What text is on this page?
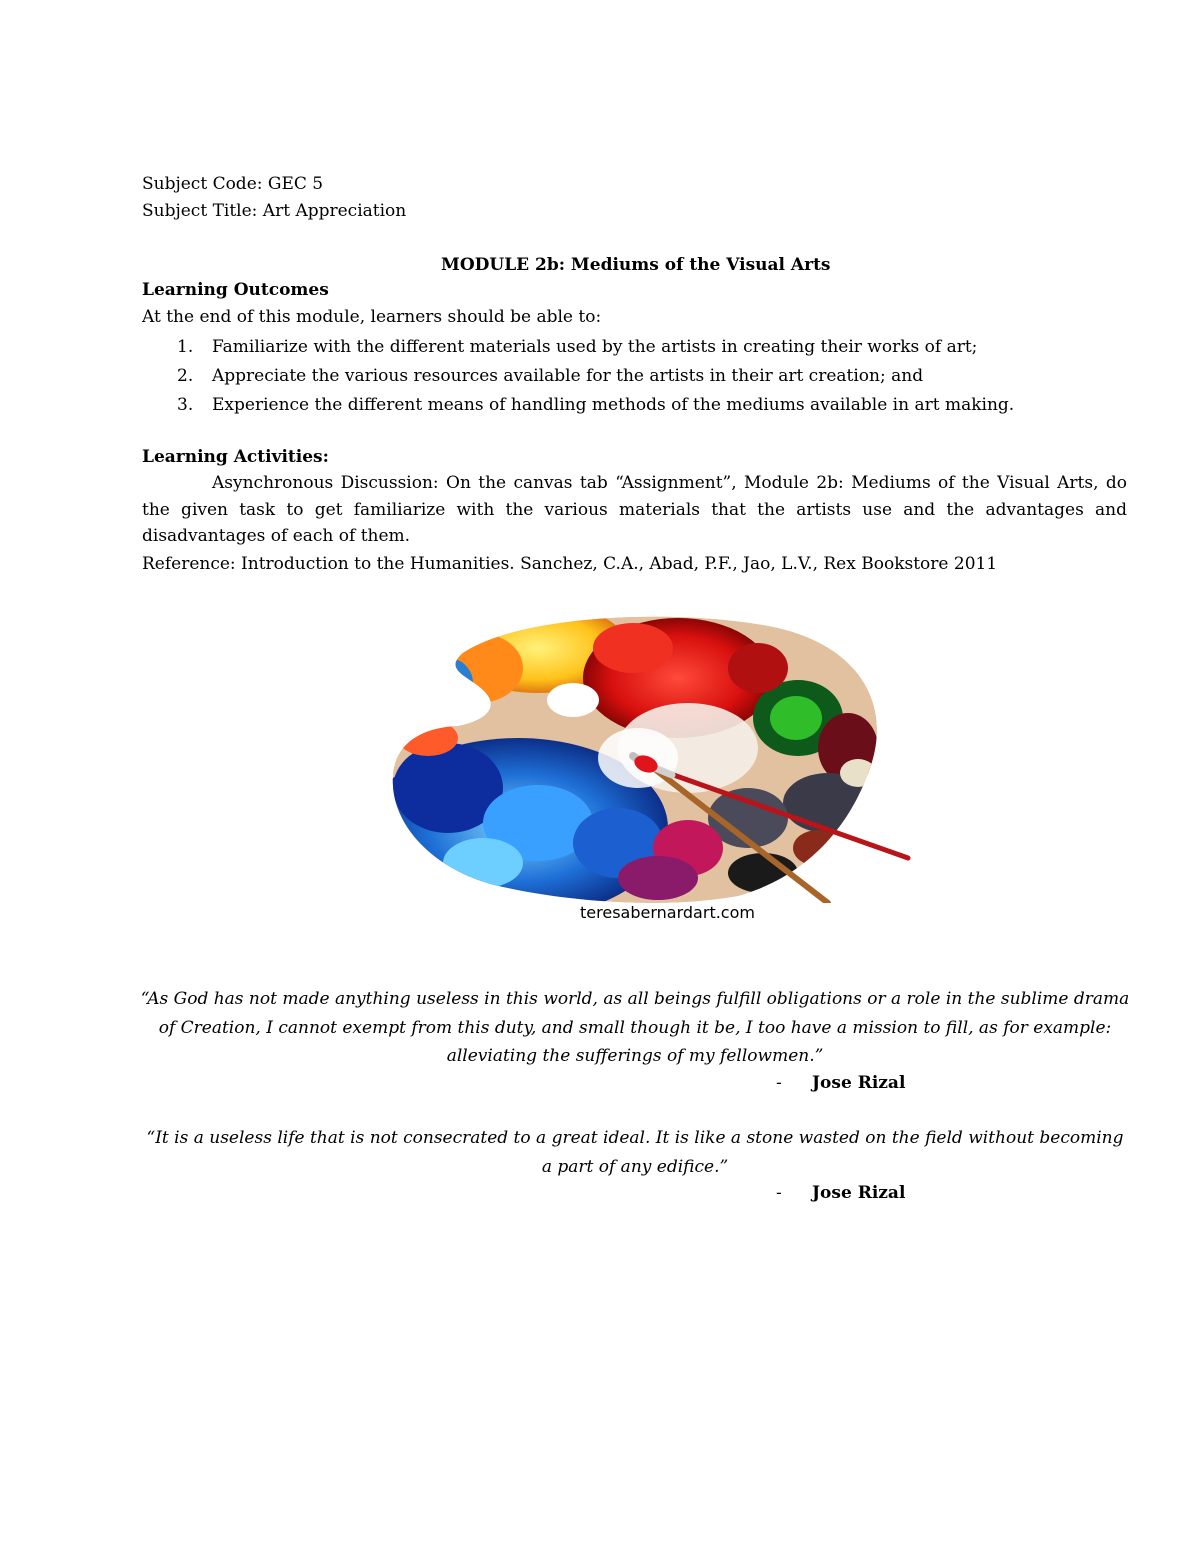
Subject Code: GEC 5
Subject Title: Art Appreciation
MODULE 2b: Mediums of the Visual Arts
Learning Outcomes
At the end of this module, learners should be able to:
1. Familiarize with the different materials used by the artists in creating their works of art;
2. Appreciate the various resources available for the artists in their art creation; and
3. Experience the different means of handling methods of the mediums available in art making.
Learning Activities:
Asynchronous Discussion: On the canvas tab “Assignment”, Module 2b: Mediums of the Visual Arts, do the given task to get familiarize with the various materials that the artists use and the advantages and disadvantages of each of them.
Reference: Introduction to the Humanities. Sanchez, C.A., Abad, P.F., Jao, L.V., Rex Bookstore 2011
teresabernardart.com
“As God has not made anything useless in this world, as all beings fulfill obligations or a role in the sublime drama of Creation, I cannot exempt from this duty, and small though it be, I too have a mission to fill, as for example: alleviating the sufferings of my fellowmen.”
- Jose Rizal
“It is a useless life that is not consecrated to a great ideal. It is like a stone wasted on the field without becoming a part of any edifice.”
- Jose Rizal
